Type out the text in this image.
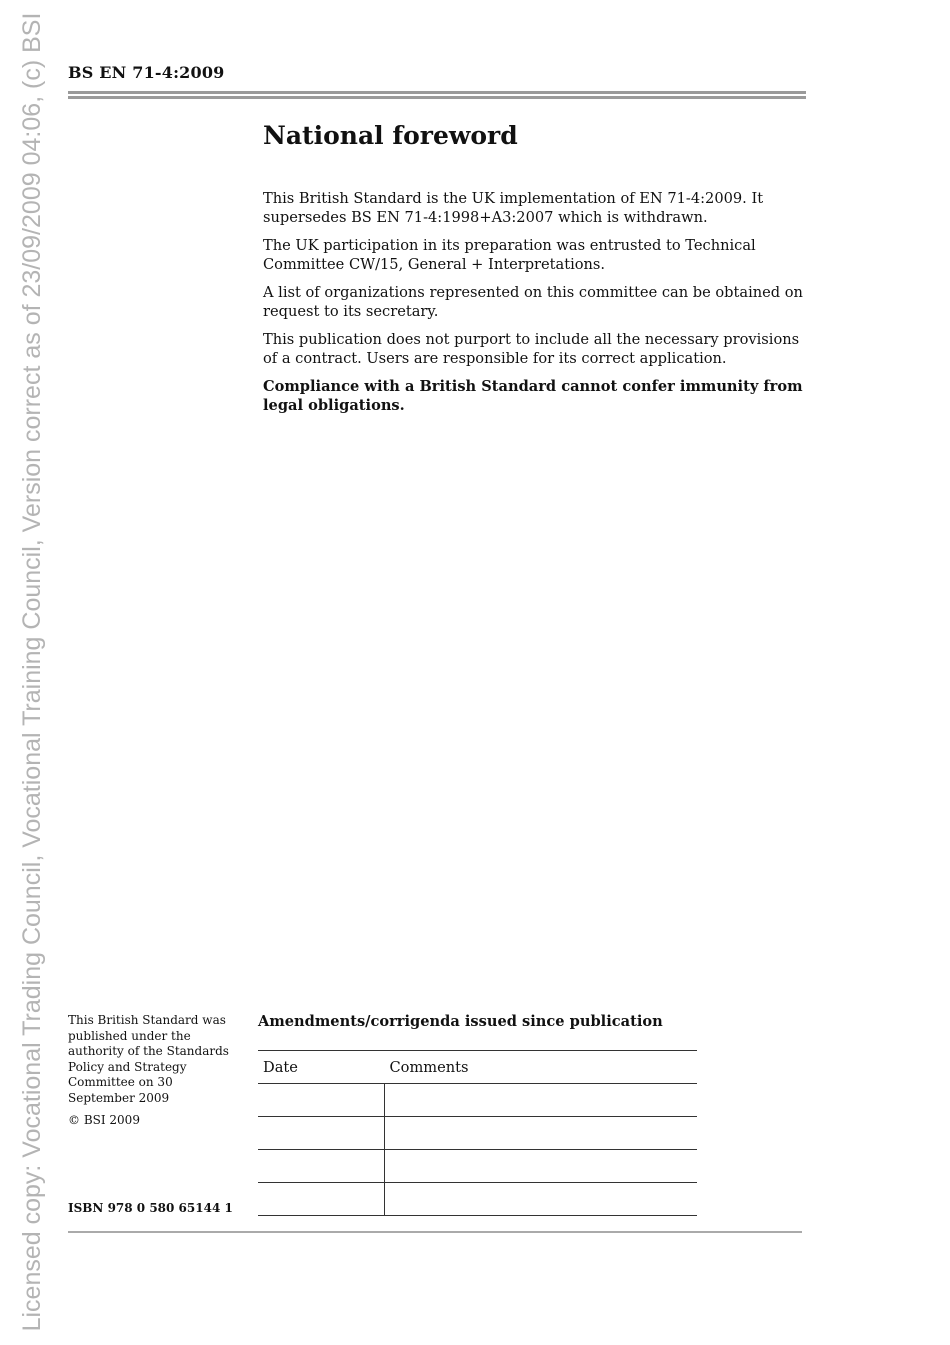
Licensed copy: Vocational Trading Council, Vocational Training Council, Version correct as of 23/09/2009 04:06, (c) BSI BS EN 71-4:2009
National foreword

This British Standard is the UK implementation of EN 71-4:2009. It supersedes BS EN 71-4:1998+A3:2007 which is withdrawn.

The UK participation in its preparation was entrusted to Technical Committee CW/15, General + Interpretations.

A list of organizations represented on this committee can be obtained on request to its secretary.

This publication does not purport to include all the necessary provisions of a contract. Users are responsible for its correct application.

Compliance with a British Standard cannot confer immunity from legal obligations.

This British Standard was published under the authority of the Standards Policy and Strategy Committee on 30 September 2009
© BSI 2009
ISBN 978 0 580 65144 1
Amendments/corrigenda issued since publication
Date	Comments
